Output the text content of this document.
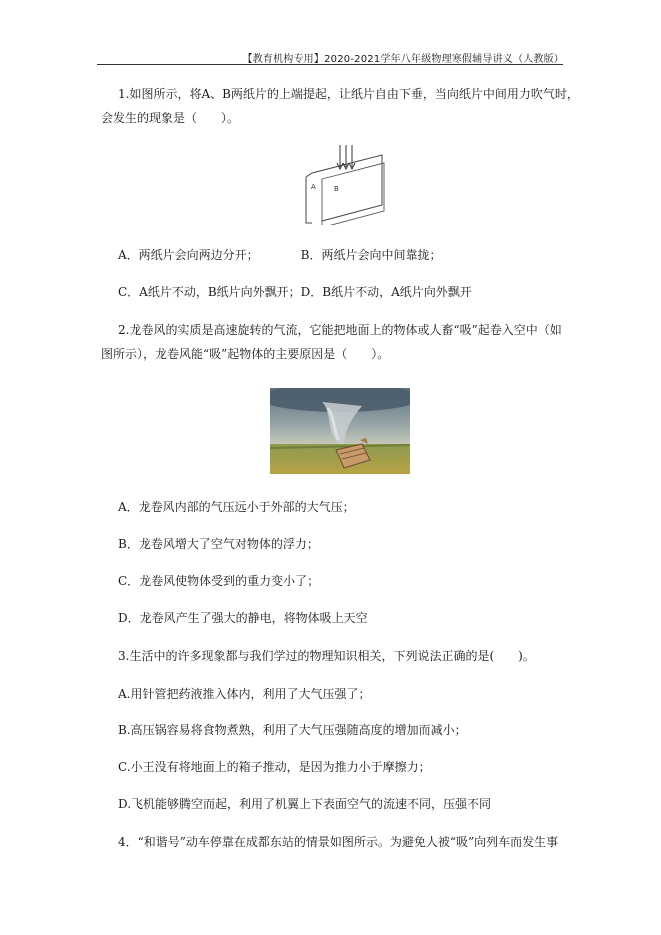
【教育机构专用】2020-2021学年八年级物理寒假辅导讲义（人教版）
1.如图所示，将A、B两纸片的上端提起，让纸片自由下垂，当向纸片中间用力吹气时，
会发生的现象是（　　）。
A	B
A．两纸片会向两边分开；　　　　B．两纸片会向中间靠拢；
C．A纸片不动，B纸片向外飘开；D．B纸片不动，A纸片向外飘开
2.龙卷风的实质是高速旋转的气流，它能把地面上的物体或人畜“吸”起卷入空中（如
图所示），龙卷风能“吸”起物体的主要原因是（　　）。
A．龙卷风内部的气压远小于外部的大气压；
B．龙卷风增大了空气对物体的浮力；
C．龙卷风使物体受到的重力变小了；
D．龙卷风产生了强大的静电，将物体吸上天空
3.生活中的许多现象都与我们学过的物理知识相关，下列说法正确的是(　　)。
A.用针管把药液推入体内，利用了大气压强了；
B.高压锅容易将食物煮熟，利用了大气压强随高度的增加而减小；
C.小王没有将地面上的箱子推动，是因为推力小于摩擦力；
D.飞机能够腾空而起，利用了机翼上下表面空气的流速不同，压强不同
4．“和谐号”动车停靠在成都东站的情景如图所示。为避免人被“吸”向列车而发生事
